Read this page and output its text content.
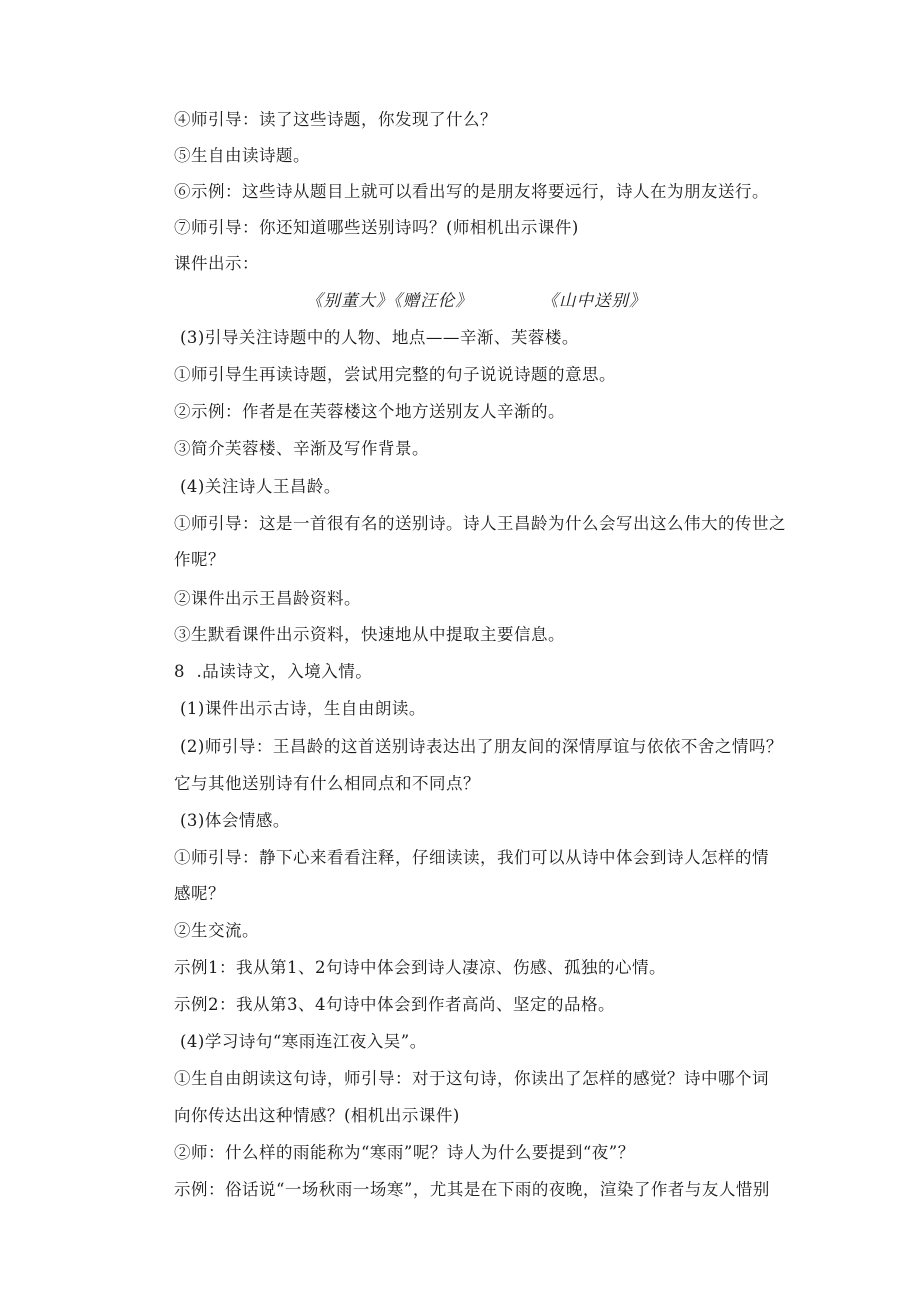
④师引导：读了这些诗题，你发现了什么？
⑤生自由读诗题。
⑥示例：这些诗从题目上就可以看出写的是朋友将要远行，诗人在为朋友送行。
⑦师引导：你还知道哪些送别诗吗？(师相机出示课件)
课件出示：
《别董大》《赠汪伦》           《山中送别》
(3)引导关注诗题中的人物、地点——辛渐、芙蓉楼。
①师引导生再读诗题，尝试用完整的句子说说诗题的意思。
②示例：作者是在芙蓉楼这个地方送别友人辛渐的。
③简介芙蓉楼、辛渐及写作背景。
(4)关注诗人王昌龄。
①师引导：这是一首很有名的送别诗。诗人王昌龄为什么会写出这么伟大的传世之
作呢？
②课件出示王昌龄资料。
③生默看课件出示资料，快速地从中提取主要信息。
8  .品读诗文，入境入情。
(1)课件出示古诗，生自由朗读。
(2)师引导：王昌龄的这首送别诗表达出了朋友间的深情厚谊与依依不舍之情吗？
它与其他送别诗有什么相同点和不同点？
(3)体会情感。
①师引导：静下心来看看注释，仔细读读，我们可以从诗中体会到诗人怎样的情
感呢？
②生交流。
示例1：我从第1、2句诗中体会到诗人凄凉、伤感、孤独的心情。
示例2：我从第3、4句诗中体会到作者高尚、坚定的品格。
(4)学习诗句“寒雨连江夜入吴”。
①生自由朗读这句诗，师引导：对于这句诗，你读出了怎样的感觉？诗中哪个词
向你传达出这种情感？(相机出示课件)
②师：什么样的雨能称为“寒雨”呢？诗人为什么要提到“夜”？
示例：俗话说“一场秋雨一场寒”，尤其是在下雨的夜晚，渲染了作者与友人惜别
